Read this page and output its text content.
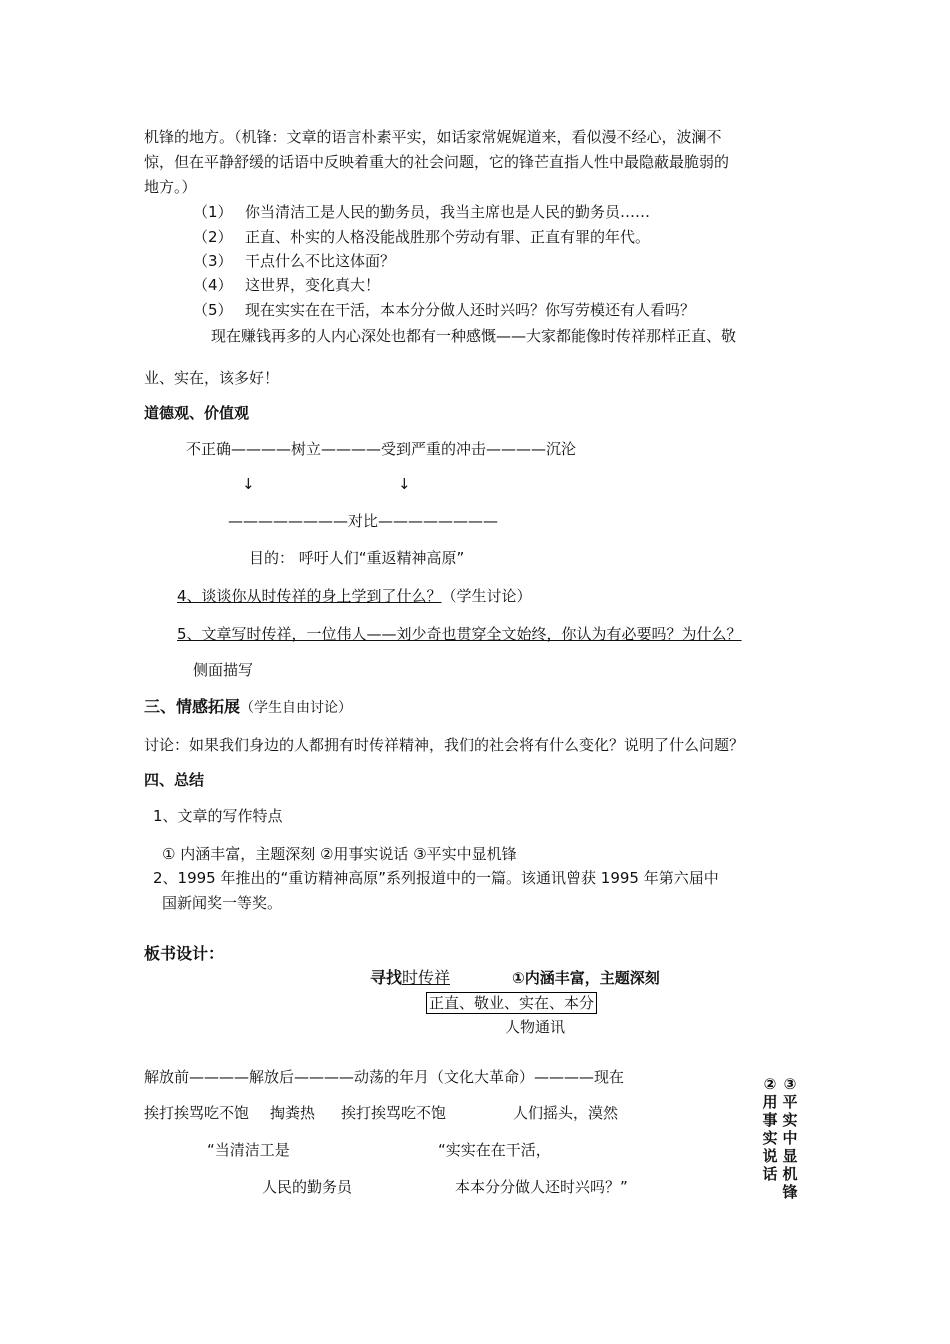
机锋的地方。（机锋：文章的语言朴素平实，如话家常娓娓道来，看似漫不经心，波澜不
惊，但在平静舒缓的话语中反映着重大的社会问题，它的锋芒直指人性中最隐蔽最脆弱的
地方。）
（1） 你当清洁工是人民的勤务员，我当主席也是人民的勤务员……
（2） 正直、朴实的人格没能战胜那个劳动有罪、正直有罪的年代。
（3） 干点什么不比这体面？
（4） 这世界，变化真大！
（5） 现在实实在在干活，本本分分做人还时兴吗？你写劳模还有人看吗？
现在赚钱再多的人内心深处也都有一种感慨——大家都能像时传祥那样正直、敬
业、实在，该多好！
道德观、价值观
不正确————树立————受到严重的冲击————沉沦
↓	↓
————————对比————————
目的： 呼吁人们“重返精神高原”
4、谈谈你从时传祥的身上学到了什么？（学生讨论）
5、文章写时传祥，一位伟人——刘少奇也贯穿全文始终，你认为有必要吗？为什么？
侧面描写
三、情感拓展（学生自由讨论）
讨论：如果我们身边的人都拥有时传祥精神，我们的社会将有什么变化？说明了什么问题？
四、总结
1、文章的写作特点
① 内涵丰富，主题深刻 ②用事实说话 ③平实中显机锋
2、1995 年推出的“重访精神高原”系列报道中的一篇。该通讯曾获 1995 年第六届中
国新闻奖一等奖。
板书设计：
寻找时传祥	①内涵丰富，主题深刻
正直、敬业、实在、本分
人物通讯
解放前————解放后————动荡的年月（文化大革命）————现在
挨打挨骂吃不饱 掏粪热 挨打挨骂吃不饱	人们摇头，漠然
“当清洁工是	“实实在在干活，
人民的勤务员	本本分分做人还时兴吗？”
②用事实说话
③平实中显机锋
